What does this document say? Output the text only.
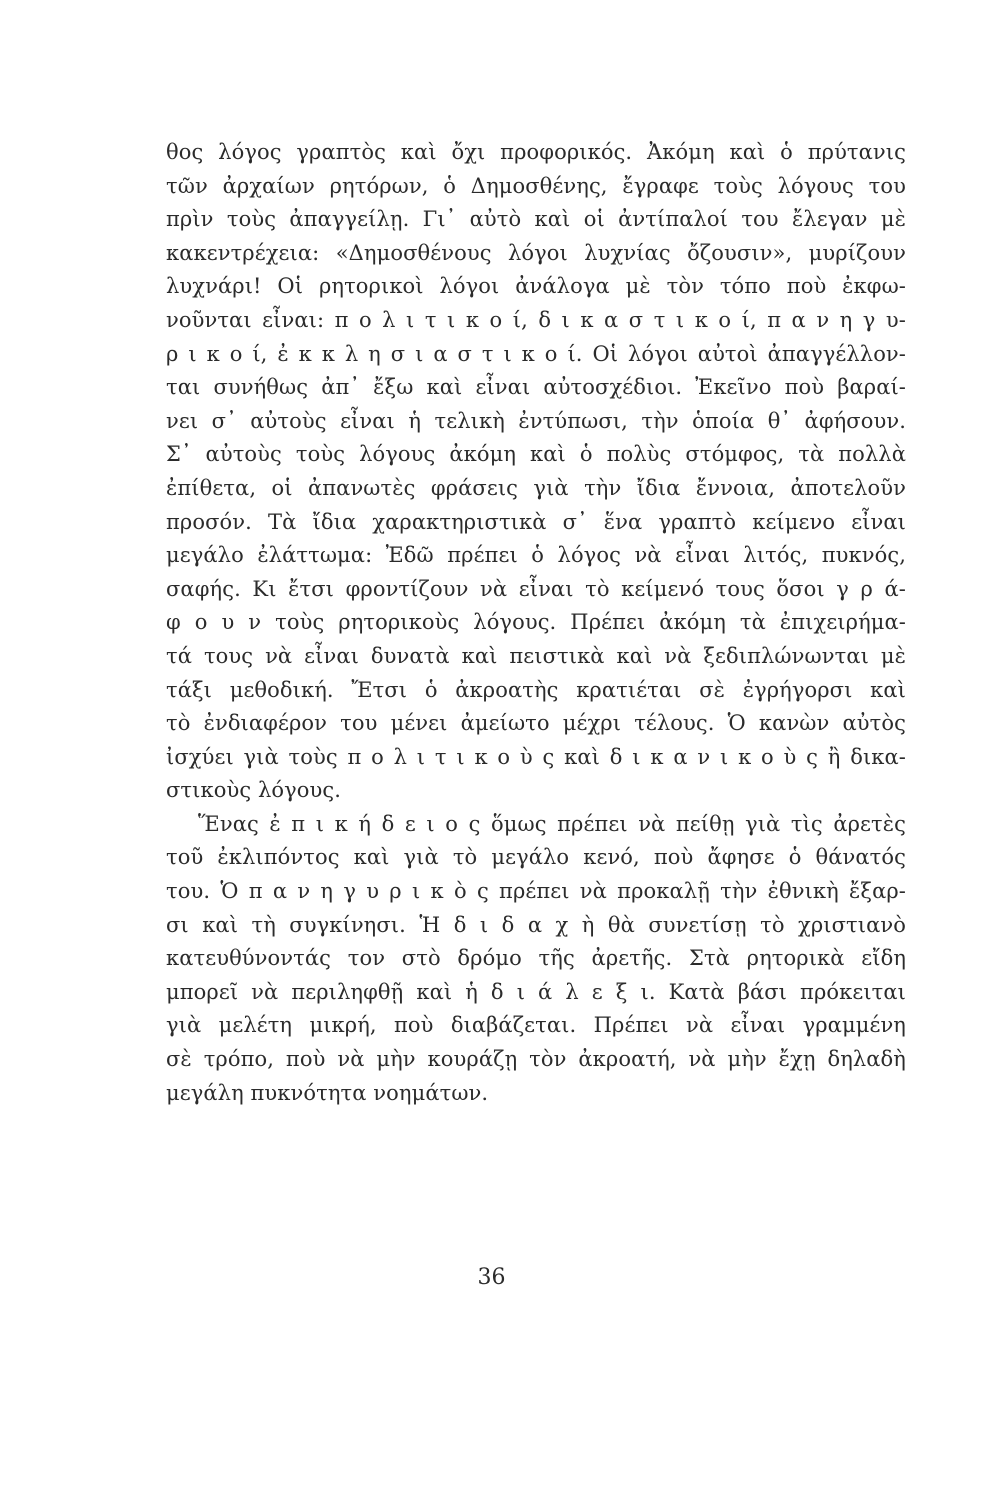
θος λόγος γραπτὸς καὶ ὄχι προφορικός. Ἀκόμη καὶ ὁ πρύτανις
τῶν ἀρχαίων ρητόρων, ὁ Δημοσθένης, ἔγραφε τοὺς λόγους του
πρὶν τοὺς ἀπαγγείλῃ. Γι᾿ αὐτὸ καὶ οἱ ἀντίπαλοί του ἔλεγαν μὲ
κακεντρέχεια: «Δημοσθένους λόγοι λυχνίας ὄζουσιν», μυρίζουν
λυχνάρι! Οἱ ρητορικοὶ λόγοι ἀνάλογα μὲ τὸν τόπο ποὺ ἐκφω-
νοῦνται εἶναι: π ο λ ι τ ι κ ο ί, δ ι κ α σ τ ι κ ο ί, π α ν η γ υ-
ρ ι κ ο ί, ἐ κ κ λ η σ ι α σ τ ι κ ο ί. Οἱ λόγοι αὐτοὶ ἀπαγγέλλον-
ται συνήθως ἀπ᾿ ἔξω καὶ εἶναι αὐτοσχέδιοι. Ἐκεῖνο ποὺ βαραί-
νει σ᾿ αὐτοὺς εἶναι ἡ τελικὴ ἐντύπωσι, τὴν ὁποία θ᾿ ἀφήσουν.
Σ᾿ αὐτοὺς τοὺς λόγους ἀκόμη καὶ ὁ πολὺς στόμφος, τὰ πολλὰ
ἐπίθετα, οἱ ἀπανωτὲς φράσεις γιὰ τὴν ἴδια ἔννοια, ἀποτελοῦν
προσόν. Τὰ ἴδια χαρακτηριστικὰ σ᾿ ἕνα γραπτὸ κείμενο εἶναι
μεγάλο ἐλάττωμα: Ἐδῶ πρέπει ὁ λόγος νὰ εἶναι λιτός, πυκνός,
σαφής. Κι ἔτσι φροντίζουν νὰ εἶναι τὸ κείμενό τους ὅσοι γ ρ ά-
φ ο υ ν τοὺς ρητορικοὺς λόγους. Πρέπει ἀκόμη τὰ ἐπιχειρήμα-
τά τους νὰ εἶναι δυνατὰ καὶ πειστικὰ καὶ νὰ ξεδιπλώνωνται μὲ
τάξι μεθοδική. Ἔτσι ὁ ἀκροατὴς κρατιέται σὲ ἐγρήγορσι καὶ
τὸ ἐνδιαφέρον του μένει ἀμείωτο μέχρι τέλους. Ὁ κανὼν αὐτὸς
ἰσχύει γιὰ τοὺς π ο λ ι τ ι κ ο ὺ ς καὶ δ ι κ α ν ι κ ο ὺ ς ἢ δικα-
στικοὺς λόγους.
Ἕνας ἐ π ι κ ή δ ε ι ο ς ὅμως πρέπει νὰ πείθῃ γιὰ τὶς ἀρετὲς
τοῦ ἐκλιπόντος καὶ γιὰ τὸ μεγάλο κενό, ποὺ ἄφησε ὁ θάνατός
του. Ὁ π α ν η γ υ ρ ι κ ὸ ς πρέπει νὰ προκαλῇ τὴν ἐθνικὴ ἔξαρ-
σι καὶ τὴ συγκίνησι. Ἡ δ ι δ α χ ὴ θὰ συνετίσῃ τὸ χριστιανὸ
κατευθύνοντάς τον στὸ δρόμο τῆς ἀρετῆς. Στὰ ρητορικὰ εἴδη
μπορεῖ νὰ περιληφθῇ καὶ ἡ δ ι ά λ ε ξ ι. Κατὰ βάσι πρόκειται
γιὰ μελέτη μικρή, ποὺ διαβάζεται. Πρέπει νὰ εἶναι γραμμένη
σὲ τρόπο, ποὺ νὰ μὴν κουράζῃ τὸν ἀκροατή, νὰ μὴν ἔχῃ δηλαδὴ
μεγάλη πυκνότητα νοημάτων.
36
